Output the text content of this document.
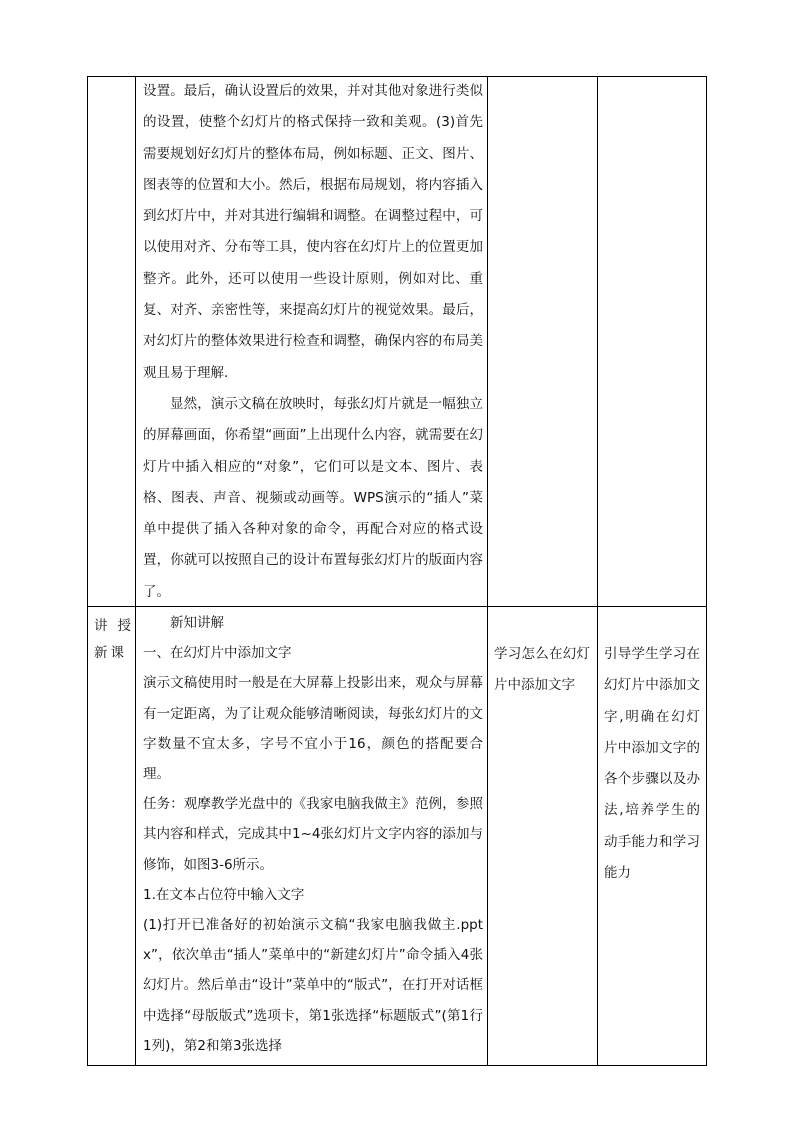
设置。最后，确认设置后的效果，并对其他对象进行类似的设置，使整个幻灯片的格式保持一致和美观。(3)首先需要规划好幻灯片的整体布局，例如标题、正文、图片、图表等的位置和大小。然后，根据布局规划，将内容插入到幻灯片中，并对其进行编辑和调整。在调整过程中，可以使用对齐、分布等工具，使内容在幻灯片上的位置更加整齐。此外，还可以使用一些设计原则，例如对比、重复、对齐、亲密性等，来提高幻灯片的视觉效果。最后，对幻灯片的整体效果进行检查和调整，确保内容的布局美观且易于理解.

显然，演示文稿在放映时，每张幻灯片就是一幅独立的屏幕画面，你希望“画面”上出现什么内容，就需要在幻灯片中插入相应的“对象”，它们可以是文本、图片、表格、图表、声音、视频或动画等。WPS演示的“插人”菜单中提供了插入各种对象的命令，再配合对应的格式设置，你就可以按照自己的设计布置每张幻灯片的版面内容了。

讲授新课

新知讲解

一、在幻灯片中添加文字

演示文稿使用时一般是在大屏幕上投影出来，观众与屏幕有一定距离，为了让观众能够清晰阅读，每张幻灯片的文字数量不宜太多，字号不宜小于16，颜色的搭配要合理。

任务：观摩教学光盘中的《我家电脑我做主》范例，参照其内容和样式，完成其中1~4张幻灯片文字内容的添加与修饰，如图3-6所示。

1.在文本占位符中输入文字

(1)打开已准备好的初始演示文稿“我家电脑我做主.pptx”，依次单击“插人”菜单中的“新建幻灯片”命令插入4张幻灯片。然后单击“设计”菜单中的“版式”，在打开对话框中选择“母版版式”选项卡，第1张选择“标题版式”(第1行1列)，第2和第3张选择

学习怎么在幻灯片中添加文字
引导学生学习在幻灯片中添加文字,明确在幻灯片中添加文字的各个步骤以及办法,培养学生的动手能力和学习能力
